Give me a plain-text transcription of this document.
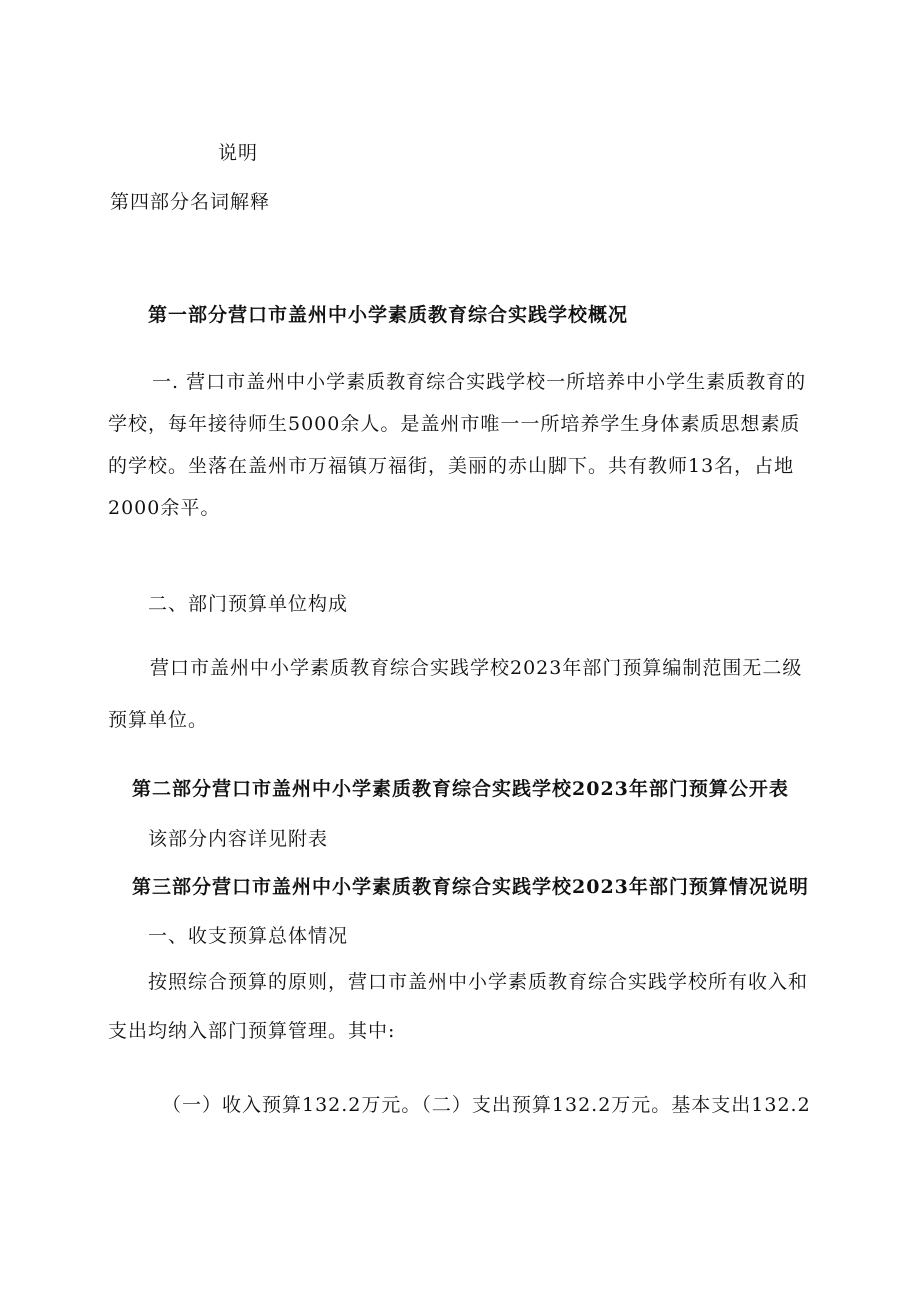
说明

第四部分名词解释

第一部分营口市盖州中小学素质教育综合实践学校概况

一. 营口市盖州中小学素质教育综合实践学校一所培养中小学生素质教育的

学校，每年接待师生5000余人。是盖州市唯一一所培养学生身体素质思想素质

的学校。坐落在盖州市万福镇万福街，美丽的赤山脚下。共有教师13名，占地

2000余平。

二、部门预算单位构成

营口市盖州中小学素质教育综合实践学校2023年部门预算编制范围无二级

预算单位。

第二部分营口市盖州中小学素质教育综合实践学校2023年部门预算公开表

该部分内容详见附表

第三部分营口市盖州中小学素质教育综合实践学校2023年部门预算情况说明

一、收支预算总体情况

按照综合预算的原则，营口市盖州中小学素质教育综合实践学校所有收入和

支出均纳入部门预算管理。其中:

（一）收入预算132.2万元。（二）支出预算132.2万元。基本支出132.2
